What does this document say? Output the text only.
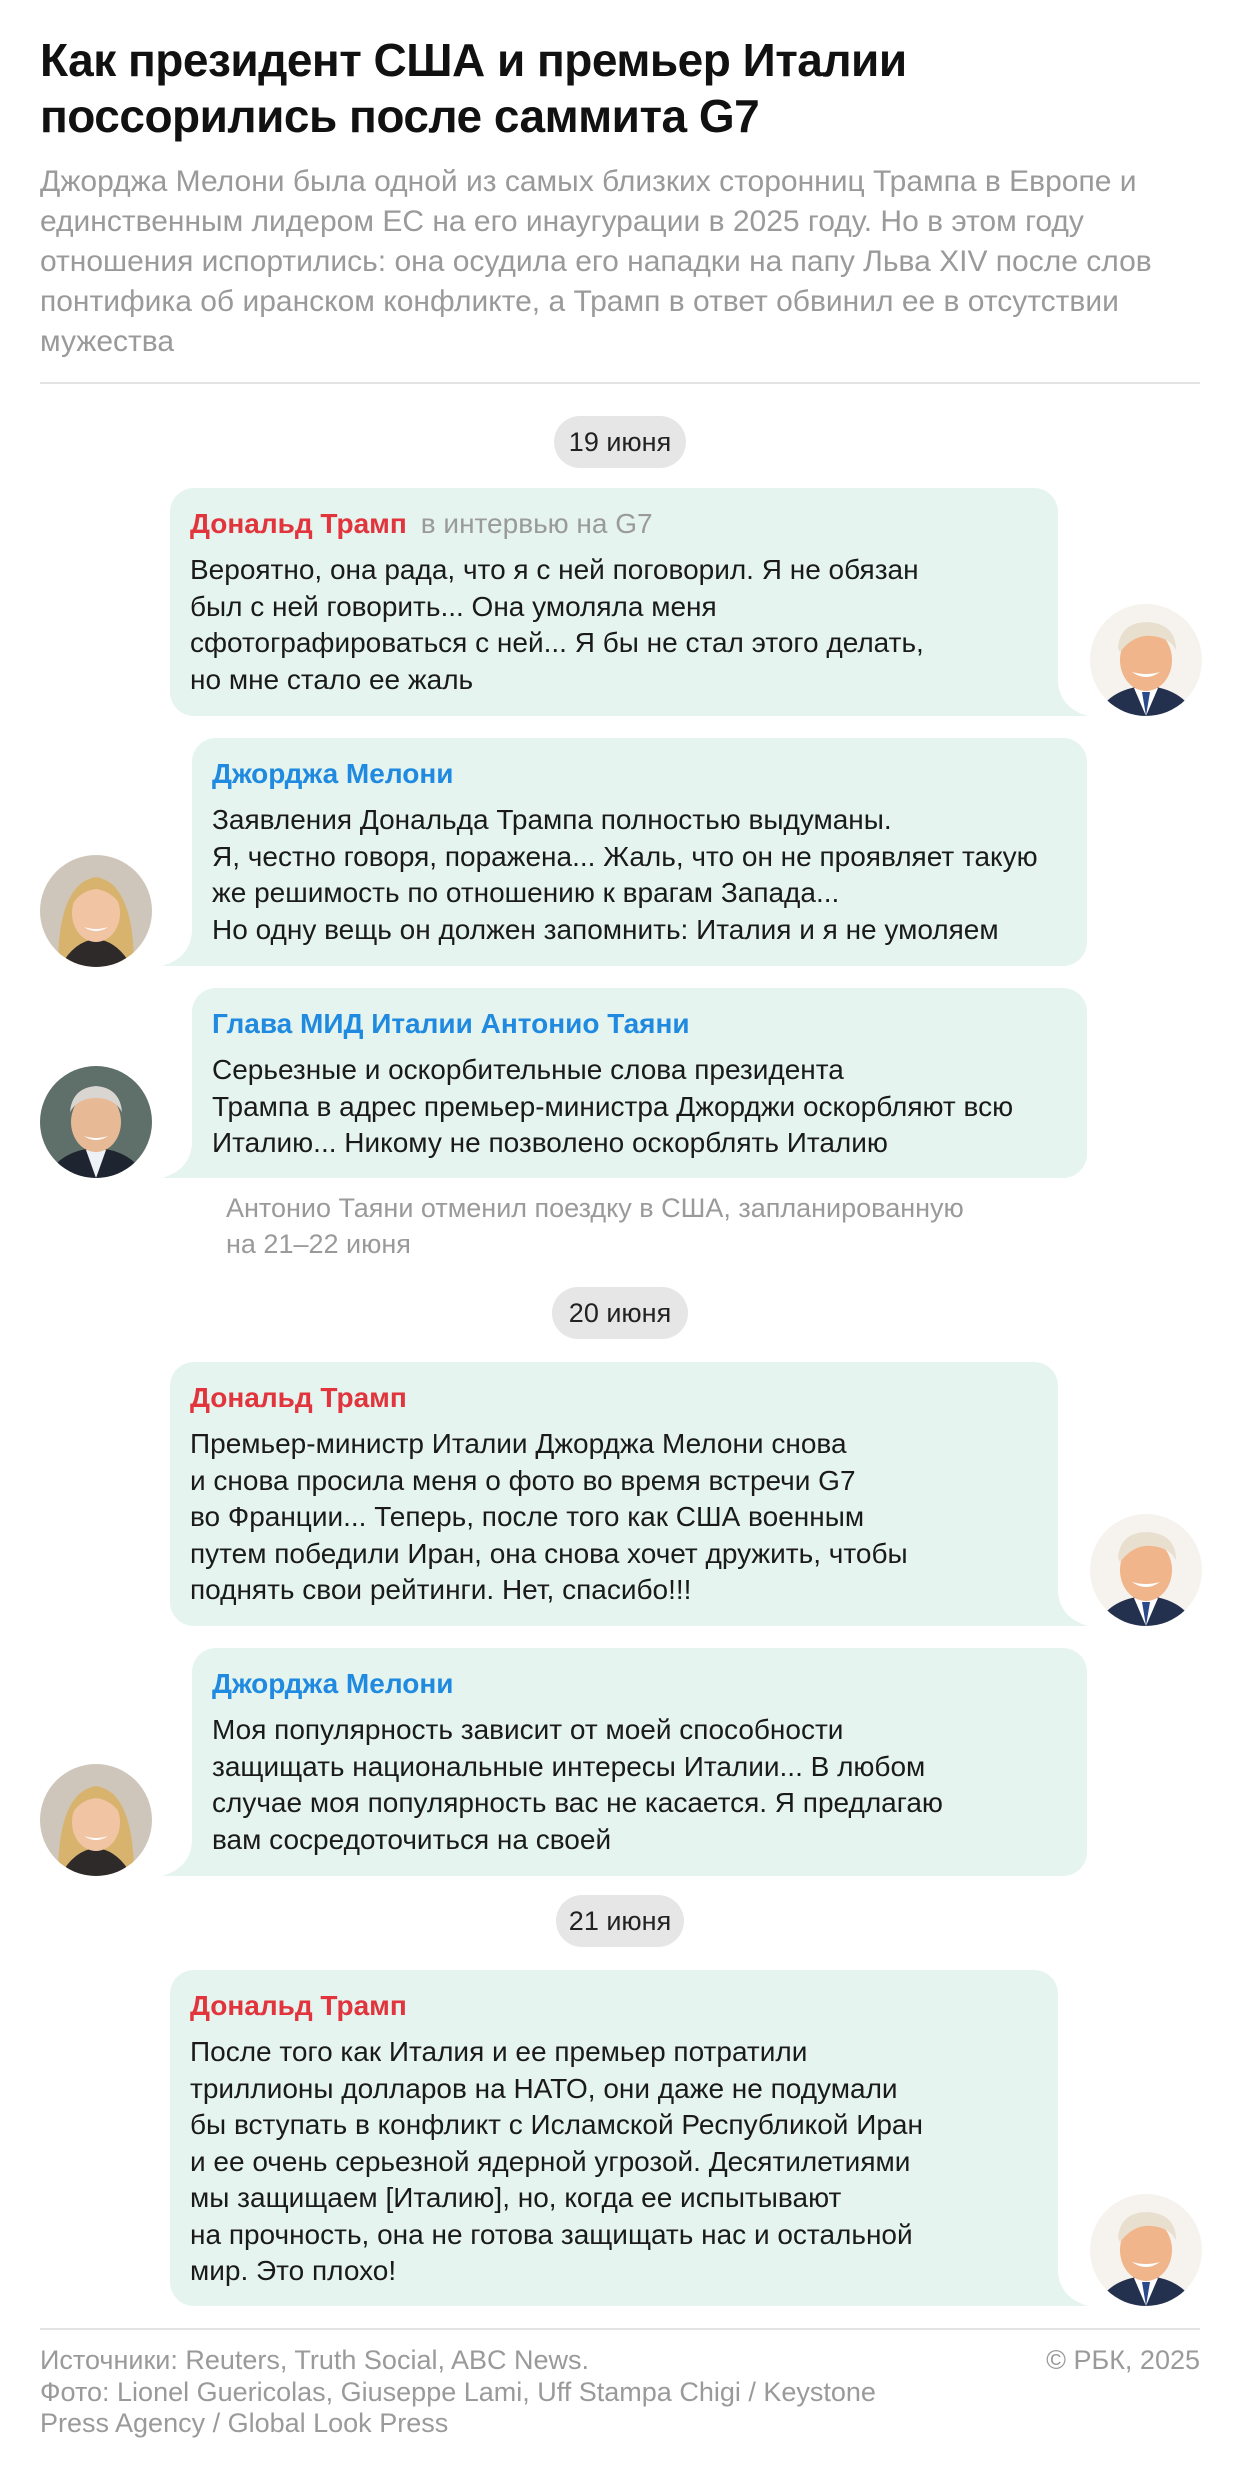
Как президент США и премьер Италии
поссорились после саммита G7
Джорджа Мелони была одной из самых близких сторонниц Трампа в Европе и единственным лидером ЕС на его инаугурации в 2025 году. Но в этом году отношения испортились: она осудила его нападки на папу Льва XIV после слов понтифика об иранском конфликте, а Трамп в ответ обвинил ее в отсутствии мужества
19 июня
Дональд Трамп в интервью на G7
Вероятно, она рада, что я с ней поговорил. Я не обязан
был с ней говорить... Она умоляла меня
сфотографироваться с ней... Я бы не стал этого делать,
но мне стало ее жаль
Джорджа Мелони
Заявления Дональда Трампа полностью выдуманы.
Я, честно говоря, поражена... Жаль, что он не проявляет такую
же решимость по отношению к врагам Запада...
Но одну вещь он должен запомнить: Италия и я не умоляем
Глава МИД Италии Антонио Таяни
Серьезные и оскорбительные слова президента
Трампа в адрес премьер-министра Джорджи оскорбляют всю
Италию... Никому не позволено оскорблять Италию
Антонио Таяни отменил поездку в США, запланированную
на 21–22 июня
20 июня
Дональд Трамп
Премьер-министр Италии Джорджа Мелони снова
и снова просила меня о фото во время встречи G7
во Франции... Теперь, после того как США военным
путем победили Иран, она снова хочет дружить, чтобы
поднять свои рейтинги. Нет, спасибо!!!
Джорджа Мелони
Моя популярность зависит от моей способности
защищать национальные интересы Италии... В любом
случае моя популярность вас не касается. Я предлагаю
вам сосредоточиться на своей
21 июня
Дональд Трамп
После того как Италия и ее премьер потратили
триллионы долларов на НАТО, они даже не подумали
бы вступать в конфликт с Исламской Республикой Иран
и ее очень серьезной ядерной угрозой. Десятилетиями
мы защищаем [Италию], но, когда ее испытывают
на прочность, она не готова защищать нас и остальной
мир. Это плохо!
Источники: Reuters, Truth Social, ABC News.
Фото: Lionel Guericolas, Giuseppe Lami, Uff Stampa Chigi / Keystone
Press Agency / Global Look Press
© РБК, 2025
